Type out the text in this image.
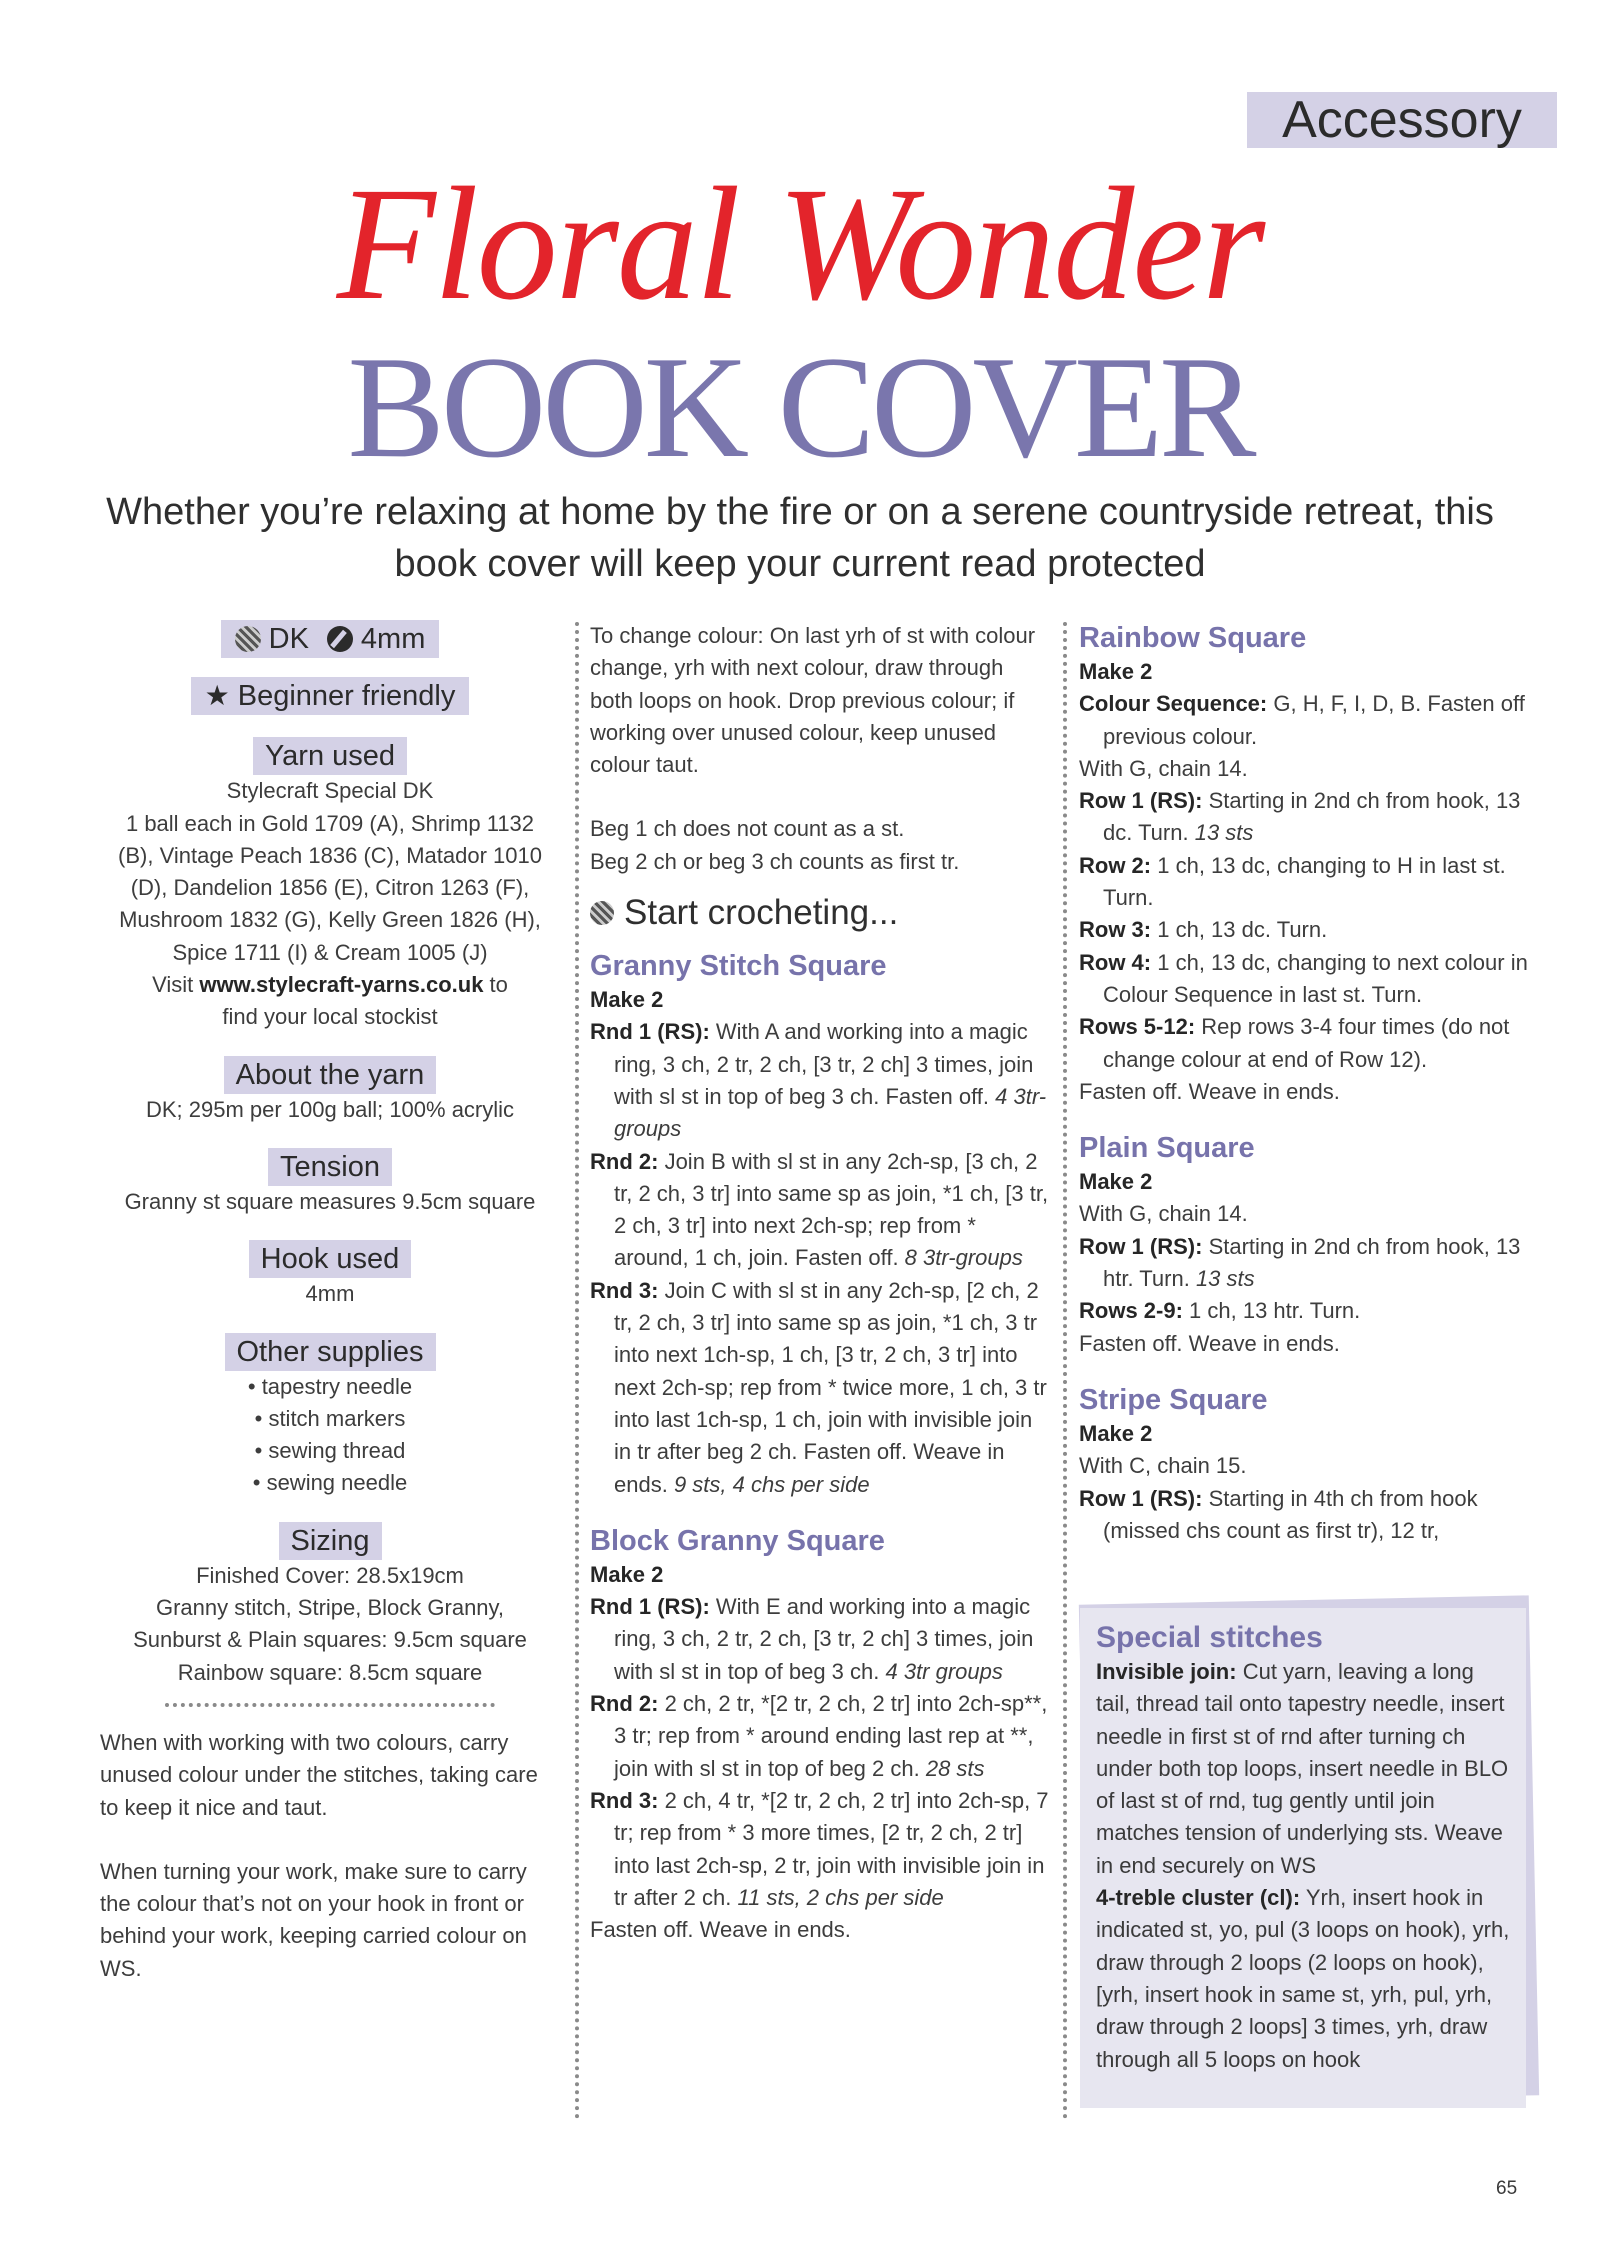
Accessory
Floral Wonder
BOOK COVER
Whether you’re relaxing at home by the fire or on a serene countryside retreat, this book cover will keep your current read protected
DK 4mm
★ Beginner friendly
Yarn used

Stylecraft Special DK

1 ball each in Gold 1709 (A), Shrimp 1132

(B), Vintage Peach 1836 (C), Matador 1010

(D), Dandelion 1856 (E), Citron 1263 (F),

Mushroom 1832 (G), Kelly Green 1826 (H),

Spice 1711 (I) & Cream 1005 (J)

Visit www.stylecraft-yarns.co.uk to

find your local stockist

About the yarn

DK; 295m per 100g ball; 100% acrylic

Tension

Granny st square measures 9.5cm square

Hook used

4mm

Other supplies

• tapestry needle

• stitch markers

• sewing thread

• sewing needle

Sizing

Finished Cover: 28.5x19cm

Granny stitch, Stripe, Block Granny,

Sunburst & Plain squares: 9.5cm square

Rainbow square: 8.5cm square

When with working with two colours, carry unused colour under the stitches, taking care to keep it nice and taut.

When turning your work, make sure to carry the colour that’s not on your hook in front or behind your work, keeping carried colour on WS.

To change colour: On last yrh of st with colour change, yrh with next colour, draw through both loops on hook. Drop previous colour; if working over unused colour, keep unused colour taut.

Beg 1 ch does not count as a st.

Beg 2 ch or beg 3 ch counts as first tr.

Start crocheting...

Granny Stitch Square

Make 2

Rnd 1 (RS): With A and working into a magic ring, 3 ch, 2 tr, 2 ch, [3 tr, 2 ch] 3 times, join with sl st in top of beg 3 ch. Fasten off. 4 3tr-groups

Rnd 2: Join B with sl st in any 2ch-sp, [3 ch, 2 tr, 2 ch, 3 tr] into same sp as join, *1 ch, [3 tr, 2 ch, 3 tr] into next 2ch-sp; rep from * around, 1 ch, join. Fasten off. 8 3tr-groups

Rnd 3: Join C with sl st in any 2ch-sp, [2 ch, 2 tr, 2 ch, 3 tr] into same sp as join, *1 ch, 3 tr into next 1ch-sp, 1 ch, [3 tr, 2 ch, 3 tr] into next 2ch-sp; rep from * twice more, 1 ch, 3 tr into last 1ch-sp, 1 ch, join with invisible join in tr after beg 2 ch. Fasten off. Weave in ends. 9 sts, 4 chs per side

Block Granny Square

Make 2

Rnd 1 (RS): With E and working into a magic ring, 3 ch, 2 tr, 2 ch, [3 tr, 2 ch] 3 times, join with sl st in top of beg 3 ch. 4 3tr groups

Rnd 2: 2 ch, 2 tr, *[2 tr, 2 ch, 2 tr] into 2ch-sp**, 3 tr; rep from * around ending last rep at **, join with sl st in top of beg 2 ch. 28 sts

Rnd 3: 2 ch, 4 tr, *[2 tr, 2 ch, 2 tr] into 2ch-sp, 7 tr; rep from * 3 more times, [2 tr, 2 ch, 2 tr] into last 2ch-sp, 2 tr, join with invisible join in tr after 2 ch. 11 sts, 2 chs per side

Fasten off. Weave in ends.

Rainbow Square

Make 2

Colour Sequence: G, H, F, I, D, B. Fasten off previous colour.

With G, chain 14.

Row 1 (RS): Starting in 2nd ch from hook, 13 dc. Turn. 13 sts

Row 2: 1 ch, 13 dc, changing to H in last st. Turn.

Row 3: 1 ch, 13 dc. Turn.

Row 4: 1 ch, 13 dc, changing to next colour in Colour Sequence in last st. Turn.

Rows 5-12: Rep rows 3-4 four times (do not change colour at end of Row 12).

Fasten off. Weave in ends.

Plain Square

Make 2

With G, chain 14.

Row 1 (RS): Starting in 2nd ch from hook, 13 htr. Turn. 13 sts

Rows 2-9: 1 ch, 13 htr. Turn.

Fasten off. Weave in ends.

Stripe Square

Make 2

With C, chain 15.

Row 1 (RS): Starting in 4th ch from hook (missed chs count as first tr), 12 tr,

Special stitches

Invisible join: Cut yarn, leaving a long tail, thread tail onto tapestry needle, insert needle in first st of rnd after turning ch under both top loops, insert needle in BLO of last st of rnd, tug gently until join matches tension of underlying sts. Weave in end securely on WS

4-treble cluster (cl): Yrh, insert hook in indicated st, yo, pul (3 loops on hook), yrh, draw through 2 loops (2 loops on hook), [yrh, insert hook in same st, yrh, pul, yrh, draw through 2 loops] 3 times, yrh, draw through all 5 loops on hook

65
